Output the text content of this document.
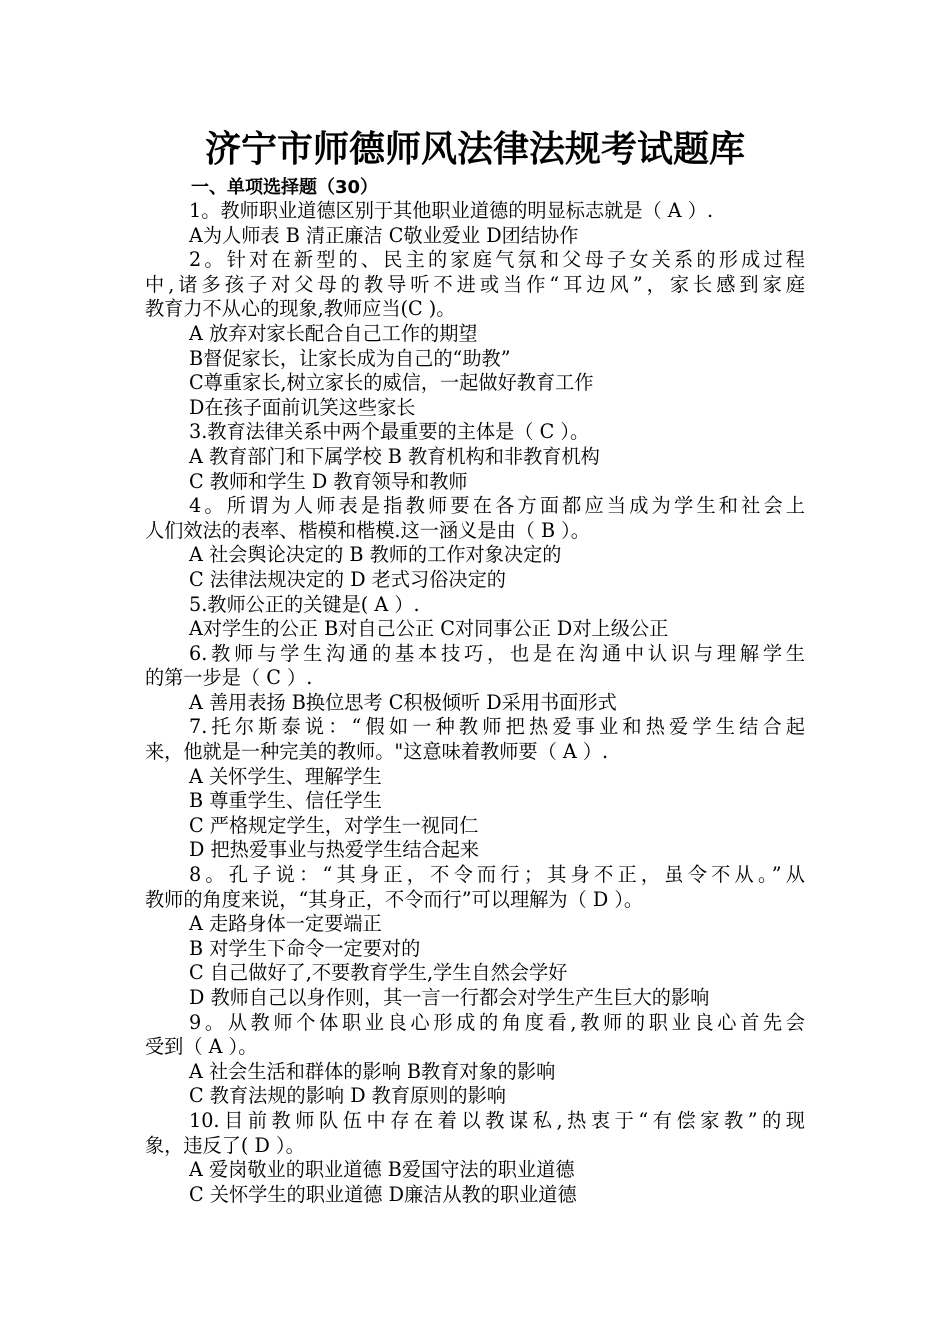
济宁市师德师风法律法规考试题库
一、单项选择题（30）
1。教师职业道德区别于其他职业道德的明显标志就是（ A ）.
A为人师表 B 清正廉洁 C敬业爱业 D团结协作
2。针对在新型的、民主的家庭气氛和父母子女关系的形成过程
中,诸多孩子对父母的教导听不进或当作“耳边风”，家长感到家庭
教育力不从心的现象,教师应当(C )。
A 放弃对家长配合自己工作的期望
B督促家长，让家长成为自己的“助教”
C尊重家长,树立家长的威信，一起做好教育工作
D在孩子面前讥笑这些家长
3.教育法律关系中两个最重要的主体是（ C ）。
A 教育部门和下属学校 B 教育机构和非教育机构
C 教师和学生 D 教育领导和教师
4。所谓为人师表是指教师要在各方面都应当成为学生和社会上
人们效法的表率、楷模和楷模.这一涵义是由（ B ）。
A 社会舆论决定的 B 教师的工作对象决定的
C 法律法规决定的 D 老式习俗决定的
5.教师公正的关键是( A ）.
A对学生的公正 B对自己公正 C对同事公正 D对上级公正
6.教师与学生沟通的基本技巧，也是在沟通中认识与理解学生
的第一步是（ C ）.
A 善用表扬 B换位思考 C积极倾听 D采用书面形式
7.托尔斯泰说：“假如一种教师把热爱事业和热爱学生结合起
来，他就是一种完美的教师。"这意味着教师要（ A ）.
A 关怀学生、理解学生
B 尊重学生、信任学生
C 严格规定学生，对学生一视同仁
D 把热爱事业与热爱学生结合起来
8。孔子说：“其身正，不令而行；其身不正，虽令不从。”从
教师的角度来说，“其身正，不令而行”可以理解为（ D ）。
A 走路身体一定要端正
B 对学生下命令一定要对的
C 自己做好了,不要教育学生,学生自然会学好
D 教师自己以身作则，其一言一行都会对学生产生巨大的影响
9。从教师个体职业良心形成的角度看,教师的职业良心首先会
受到（ A ）。
A 社会生活和群体的影响 B教育对象的影响
C 教育法规的影响 D 教育原则的影响
10.目前教师队伍中存在着以教谋私,热衷于“有偿家教”的现
象，违反了( D ）。
A 爱岗敬业的职业道德 B爱国守法的职业道德
C 关怀学生的职业道德 D廉洁从教的职业道德
